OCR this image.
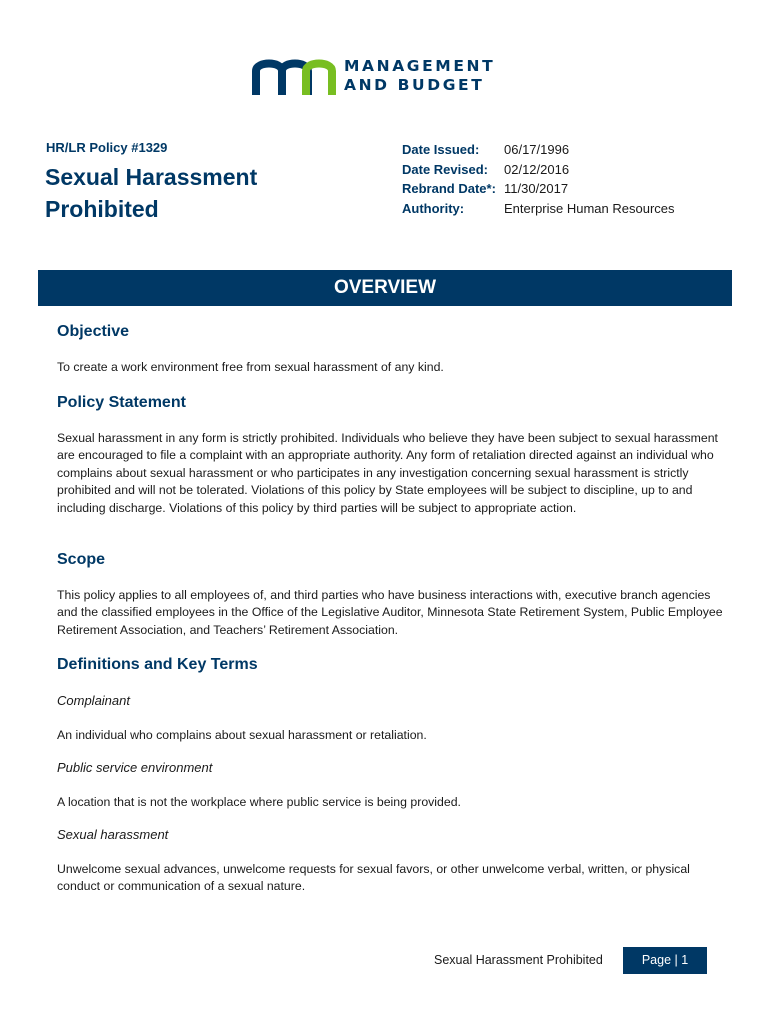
MANAGEMENT
AND BUDGET
HR/LR Policy #1329
Sexual Harassment Prohibited
Date Issued: 06/17/1996
Date Revised: 02/12/2016
Rebrand Date*: 11/30/2017
Authority:	Enterprise Human Resources
OVERVIEW
Objective
To create a work environment free from sexual harassment of any kind.
Policy Statement
Sexual harassment in any form is strictly prohibited. Individuals who believe they have been subject to sexual harassment are encouraged to file a complaint with an appropriate authority. Any form of retaliation directed against an individual who complains about sexual harassment or who participates in any investigation concerning sexual harassment is strictly prohibited and will not be tolerated. Violations of this policy by State employees will be subject to discipline, up to and including discharge. Violations of this policy by third parties will be subject to appropriate action.
Scope
This policy applies to all employees of, and third parties who have business interactions with, executive branch agencies and the classified employees in the Office of the Legislative Auditor, Minnesota State Retirement System, Public Employee Retirement Association, and Teachers’ Retirement Association.
Definitions and Key Terms
Complainant
An individual who complains about sexual harassment or retaliation.
Public service environment
A location that is not the workplace where public service is being provided.
Sexual harassment
Unwelcome sexual advances, unwelcome requests for sexual favors, or other unwelcome verbal, written, or physical conduct or communication of a sexual nature.
Sexual Harassment Prohibited	Page | 1
